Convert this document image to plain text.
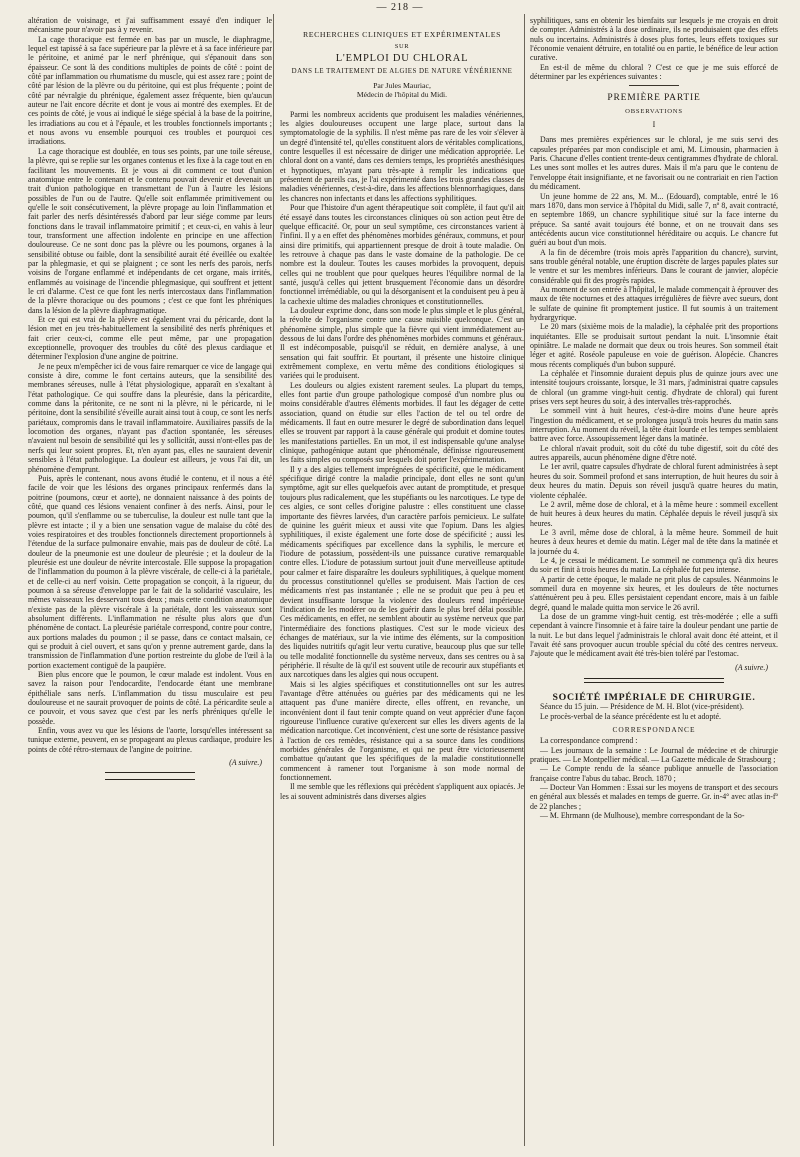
— 218 —

altération de voisinage, et j'ai suffisamment essayé d'en indiquer le mécanisme pour n'avoir pas à y revenir.

La cage thoracique est fermée en bas par un muscle, le diaphragme, lequel est tapissé à sa face supérieure par la plèvre et à sa face inférieure par le péritoine, et animé par le nerf phrénique, qui s'épanouit dans son épaisseur. Ce sont là des conditions multiples de points de côté : point de côté par inflammation ou rhumatisme du muscle, qui est assez rare ; point de côté par lésion de la plèvre ou du péritoine, qui est plus fréquente ; point de côté par névralgie du phrénique, également assez fréquente, bien qu'aucun auteur ne l'ait encore décrite et dont je vous ai montré des exemples. Et de ces points de côté, je vous ai indiqué le siége spécial à la base de la poitrine, les irradiations au cou et à l'épaule, et les troubles fonctionnels importants ; et nous avons vu ensemble pourquoi ces troubles et pourquoi ces irradiations.

La cage thoracique est doublée, en tous ses points, par une toile séreuse, la plèvre, qui se replie sur les organes contenus et les fixe à la cage tout en en facilitant les mouvements. Et je vous ai dit comment ce tout d'union anatomique entre le contenant et le contenu pouvait devenir et devenait un trait d'union pathologique en transmettant de l'un à l'autre les lésions possibles de l'un ou de l'autre. Qu'elle soit enflammée primitivement ou qu'elle le soit consécutivement, la plèvre propage au loin l'inflammation et fait parler des nerfs désintéressés d'abord par leur siége comme par leurs fonctions dans le travail inflammatoire primitif ; et ceux-ci, en vahis à leur tour, transforment une affection indolente en principe en une affection douloureuse. Ce ne sont donc pas la plèvre ou les poumons, organes à la sensibilité obtuse ou faible, dont la sensibilité aurait été éveillée ou exaltée par la phlegmasie, et qui se plaignent ; ce sont les nerfs des parois, nerfs voisins de l'organe enflammé et indépendants de cet organe, mais irrités, enflammés au voisinage de l'incendie phlegmasique, qui souffrent et jettent le cri d'alarme. C'est ce que font les nerfs intercostaux dans l'inflammation de la plèvre thoracique ou des poumons ; c'est ce que font les phréniques dans la lésion de la plèvre diaphragmatique.

Et ce qui est vrai de la plèvre est également vrai du péricarde, dont la lésion met en jeu très-habituellement la sensibilité des nerfs phréniques et fait crier ceux-ci, comme elle peut même, par une propagation exceptionnelle, provoquer des troubles du côté des plexus cardiaque et déterminer l'explosion d'une angine de poitrine.

Je ne peux m'empêcher ici de vous faire remarquer ce vice de langage qui consiste à dire, comme le font certains auteurs, que la sensibilité des membranes séreuses, nulle à l'état physiologique, apparaît en s'exaltant à l'état pathologique. Ce qui souffre dans la pleurésie, dans la péricardite, comme dans la péritonite, ce ne sont ni la plèvre, ni le péricarde, ni le péritoine, dont la sensibilité s'éveille aurait ainsi tout à coup, ce sont les nerfs pariétaux, compromis dans le travail inflammatoire. Auxiliaires passifs de la locomotion des organes, n'ayant pas d'action spontanée, les séreuses n'avaient nul besoin de sensibilité qui les y sollicitât, aussi n'ont-elles pas de nerfs qui leur soient propres. Et, n'en ayant pas, elles ne sauraient devenir sensibles à l'état pathologique. La douleur est ailleurs, je vous l'ai dit, un phénomène d'emprunt.

Puis, après le contenant, nous avons étudié le contenu, et il nous a été facile de voir que les lésions des organes principaux renfermés dans la poitrine (poumons, cœur et aorte), ne donnaient naissance à des points de côté, que quand ces lésions venaient confiner à des nerfs. Ainsi, pour le poumon, qu'il s'enflamme ou se tuberculise, la douleur est nulle tant que la plèvre est intacte ; il y a bien une sensation vague de malaise du côté des voies respiratoires et des troubles fonctionnels directement proportionnels à l'étendue de la surface pulmonaire envahie, mais pas de douleur de côté. La douleur de la pneumonie est une douleur de pleurésie ; et la douleur de la pleurésie est une douleur de névrite intercostale. Elle suppose la propagation de l'inflammation du poumon à la plèvre viscérale, de celle-ci à la pariétale, et de celle-ci au nerf voisin. Cette propagation se conçoit, à la rigueur, du poumon à sa séreuse d'enveloppe par le fait de la solidarité vasculaire, les mêmes vaisseaux les desservant tous deux ; mais cette condition anatomique n'existe pas de la plèvre viscérale à la pariétale, dont les vaisseaux sont absolument différents. L'inflammation ne résulte plus alors que d'un phénomène de contact. La pleurésie pariétale correspond, contre pour contre, aux portions malades du poumon ; il se passe, dans ce contact malsain, ce qui se produit à ciel ouvert, et sans qu'on y prenne autrement garde, dans la transmission de l'inflammation d'une portion restreinte du globe de l'œil à la portion exactement contiguë de la paupière.

Bien plus encore que le poumon, le cœur malade est indolent. Vous en savez la raison pour l'endocardite, l'endocarde étant une membrane épithéliale sans nerfs. L'inflammation du tissu musculaire est peu douloureuse et ne saurait provoquer de points de côté. La péricardite seule a ce pouvoir, et vous savez que c'est par les nerfs phréniques qu'elle le possède.

Enfin, vous avez vu que les lésions de l'aorte, lorsqu'elles intéressent sa tunique externe, peuvent, en se propageant au plexus cardiaque, produire les points de côté rétro-sternaux de l'angine de poitrine.

(A suivre.)
RECHERCHES CLINIQUES ET EXPÉRIMENTALES
SUR
L'EMPLOI DU CHLORAL
DANS LE TRAITEMENT DE ALGIES DE NATURE VÉNÉRIENNE
Par Jules Mauriac,
Médecin de l'hôpital du Midi.

Parmi les nombreux accidents que produisent les maladies vénériennes, les algies douloureuses occupent une large place, surtout dans la symptomatologie de la syphilis. Il n'est même pas rare de les voir s'élever à un degré d'intensité tel, qu'elles constituent alors de véritables complications, contre lesquelles il est nécessaire de diriger une médication appropriée. Le chloral dont on a vanté, dans ces derniers temps, les propriétés anesthésiques et hypnotiques, m'ayant paru très-apte à remplir les indications que présentent de pareils cas, je l'ai expérimenté dans les trois grandes classes de maladies vénériennes, c'est-à-dire, dans les affections blennorrhagiques, dans les chancres non infectants et dans les affections syphilitiques.

Pour que l'histoire d'un agent thérapeutique soit complète, il faut qu'il ait été essayé dans toutes les circonstances cliniques où son action peut être de quelque efficacité. Or, pour un seul symptôme, ces circonstances varient à l'infini. Il y a en effet des phénomènes morbides généraux, communs, et pour ainsi dire primitifs, qui appartiennent presque de droit à toute maladie. On les retrouve à chaque pas dans le vaste domaine de la pathologie. De ce nombre est la douleur. Toutes les causes morbides la provoquent, depuis celles qui ne troublent que pour quelques heures l'équilibre normal de la santé, jusqu'à celles qui jettent brusquement l'économie dans un désordre fonctionnel irrémédiable, ou qui la désorganisent et la conduisent peu à peu à la cachexie ultime des maladies chroniques et constitutionnelles.

La douleur exprime donc, dans son mode le plus simple et le plus général, la révolte de l'organisme contre une cause nuisible quelconque. C'est un phénomène simple, plus simple que la fièvre qui vient immédiatement au-dessous de lui dans l'ordre des phénomènes morbides communs et généraux. Il est indécomposable, puisqu'il se réduit, en dernière analyse, à une sensation qui fait souffrir. Et pourtant, il présente une histoire clinique extrêmement complexe, en vertu même des conditions étiologiques si variées qui le produisent.

Les douleurs ou algies existent rarement seules. La plupart du temps, elles font partie d'un groupe pathologique composé d'un nombre plus ou moins considérable d'autres éléments morbides. Il faut les dégager de cette association, quand on étudie sur elles l'action de tel ou tel ordre de médicaments. Il faut en outre mesurer le degré de subordination dans lequel elles se trouvent par rapport à la cause générale qui produit et domine toutes les manifestations partielles. En un mot, il est indispensable qu'une analyse clinique, pathogénique autant que phénoménale, définisse rigoureusement les faits simples ou composés sur lesquels doit porter l'expérimentation.

Il y a des algies tellement imprégnées de spécificité, que le médicament spécifique dirigé contre la maladie principale, dont elles ne sont qu'un symptôme, agit sur elles quelquefois avec autant de promptitude, et presque toujours plus radicalement, que les stupéfiants ou les narcotiques. Le type de ces algies, ce sont celles d'origine palustre : elles constituent une classe importante des fièvres larvées, d'un caractère parfois pernicieux. Le sulfate de quinine les guérit mieux et aussi vite que l'opium. Dans les algies syphilitiques, il existe également une forte dose de spécificité ; aussi les médicaments spécifiques par excellence dans la syphilis, le mercure et l'iodure de potassium, possèdent-ils une puissance curative remarquable contre elles. L'iodure de potassium surtout jouit d'une merveilleuse aptitude pour calmer et faire disparaître les douleurs syphilitiques, à quelque moment du processus constitutionnel qu'elles se produisent. Mais l'action de ces médicaments n'est pas instantanée ; elle ne se produit que peu à peu et devient insuffisante lorsque la violence des douleurs rend impérieuse l'indication de les modérer ou de les guérir dans le plus bref délai possible. Ces médicaments, en effet, ne semblent aboutir au système nerveux que par l'intermédiaire des fonctions plastiques. C'est sur le mode vicieux des échanges de matériaux, sur la vie intime des éléments, sur la composition des liquides nutritifs qu'agit leur vertu curative, beaucoup plus que sur telle ou telle modalité fonctionnelle du système nerveux, dans ses centres ou à sa périphérie. Il résulte de là qu'il est souvent utile de recourir aux stupéfiants et aux narcotiques dans les algies qui nous occupent.

Mais si les algies spécifiques et constitutionnelles ont sur les autres l'avantage d'être atténuées ou guéries par des médicaments qui ne les attaquent pas d'une manière directe, elles offrent, en revanche, un inconvénient dont il faut tenir compte quand on veut apprécier d'une façon rigoureuse l'influence curative qu'exercent sur elles les divers agents de la médication narcotique. Cet inconvénient, c'est une sorte de résistance passive à l'action de ces remèdes, résistance qui a sa source dans les conditions morbides générales de l'organisme, et qui ne peut être victorieusement combattue qu'autant que les spécifiques de la maladie constitutionnelle commencent à ramener tout l'organisme à son mode normal de fonctionnement.

Il me semble que les réflexions qui précèdent s'appliquent aux opiacés. Je les ai souvent administrés dans diverses algies

syphilitiques, sans en obtenir les bienfaits sur lesquels je me croyais en droit de compter. Administrés à la dose ordinaire, ils ne produisaient que des effets nuls ou incertains. Administrés à doses plus fortes, leurs effets toxiques sur l'économie venaient détruire, en totalité ou en partie, le bénéfice de leur action curative.

En est-il de même du chloral ? C'est ce que je me suis efforcé de déterminer par les expériences suivantes :

PREMIÈRE PARTIE
OBSERVATIONS
I

Dans mes premières expériences sur le chloral, je me suis servi des capsules préparées par mon condisciple et ami, M. Limousin, pharmacien à Paris. Chacune d'elles contient trente-deux centigrammes d'hydrate de chloral. Les unes sont molles et les autres dures. Mais il m'a paru que le contenu de l'enveloppe était insignifiante, et ne favorisait ou ne contrariait en rien l'action du médicament.

Un jeune homme de 22 ans, M. M... (Edouard), comptable, entré le 16 mars 1870, dans mon service à l'hôpital du Midi, salle 7, nº 8, avait contracté, en septembre 1869, un chancre syphilitique situé sur la face interne du prépuce. Sa santé avait toujours été bonne, et on ne trouvait dans ses antécédents aucun vice constitutionnel héréditaire ou acquis. Le chancre fut guéri au bout d'un mois.

A la fin de décembre (trois mois après l'apparition du chancre), survint, sans trouble général notable, une éruption discrète de larges papules plates sur le ventre et sur les membres inférieurs. Dans le courant de janvier, alopécie considérable qui fit des progrès rapides.

Au moment de son entrée à l'hôpital, le malade commençait à éprouver des maux de tête nocturnes et des attaques irrégulières de fièvre avec sueurs, dont le sulfate de quinine fit promptement justice. Il fut soumis à un traitement hydrargyrique.

Le 20 mars (sixième mois de la maladie), la céphalée prit des proportions inquiétantes. Elle se produisait surtout pendant la nuit. L'insomnie était opiniâtre. Le malade ne dormait que deux ou trois heures. Son sommeil était léger et agité. Roséole papuleuse en voie de guérison. Alopécie. Chancres mous récents compliqués d'un bubon suppuré.

La céphalée et l'insomnie duraient depuis plus de quinze jours avec une intensité toujours croissante, lorsque, le 31 mars, j'administrai quatre capsules de chloral (un gramme vingt-huit centig. d'hydrate de chloral) qui furent prises vers sept heures du soir, à des intervalles très-rapprochés.

Le sommeil vint à huit heures, c'est-à-dire moins d'une heure après l'ingestion du médicament, et se prolongea jusqu'à trois heures du matin sans interruption. Au moment du réveil, la tête était lourde et les tempes semblaient battre avec force. Assoupissement léger dans la matinée.

Le chloral n'avait produit, soit du côté du tube digestif, soit du côté des autres appareils, aucun phénomène digne d'être noté.

Le 1er avril, quatre capsules d'hydrate de chloral furent administrées à sept heures du soir. Sommeil profond et sans interruption, de huit heures du soir à deux heures du matin. Depuis son réveil jusqu'à quatre heures du matin, violente céphalée.

Le 2 avril, même dose de chloral, et à la même heure : sommeil excellent de huit heures à deux heures du matin. Céphalée depuis le réveil jusqu'à six heures.

Le 3 avril, même dose de chloral, à la même heure. Sommeil de huit heures à deux heures et demie du matin. Léger mal de tête dans la matinée et la journée du 4.

Le 4, je cessai le médicament. Le sommeil ne commença qu'à dix heures du soir et finit à trois heures du matin. La céphalée fut peu intense.

A partir de cette époque, le malade ne prit plus de capsules. Néanmoins le sommeil dura en moyenne six heures, et les douleurs de tête nocturnes s'atténuèrent peu à peu. Elles persistaient cependant encore, mais à un faible degré, quand le malade quitta mon service le 26 avril.

La dose de un gramme vingt-huit centig. est très-modérée ; elle a suffi cependant à vaincre l'insomnie et à faire taire la douleur pendant une partie de la nuit. Le but dans lequel j'administrais le chloral avait donc été atteint, et il l'avait été sans provoquer aucun trouble spécial du côté des centres nerveux. J'ajoute que le médicament avait été très-bien toléré par l'estomac.

(A suivre.)
SOCIÉTÉ IMPÉRIALE DE CHIRURGIE.

Séance du 15 juin. — Présidence de M. H. Blot (vice-président).

Le procès-verbal de la séance précédente est lu et adopté.

CORRESPONDANCE

La correspondance comprend :

— Les journaux de la semaine : Le Journal de médecine et de chirurgie pratiques. — Le Montpellier médical. — La Gazette médicale de Strasbourg ;

— Le Compte rendu de la séance publique annuelle de l'association française contre l'abus du tabac. Broch. 1870 ;

— Docteur Van Hommen : Essai sur les moyens de transport et des secours en général aux blessés et malades en temps de guerre. Gr. in-4° avec atlas in-fº de 22 planches ;

— M. Ehrmann (de Mulhouse), membre correspondant de la So-
